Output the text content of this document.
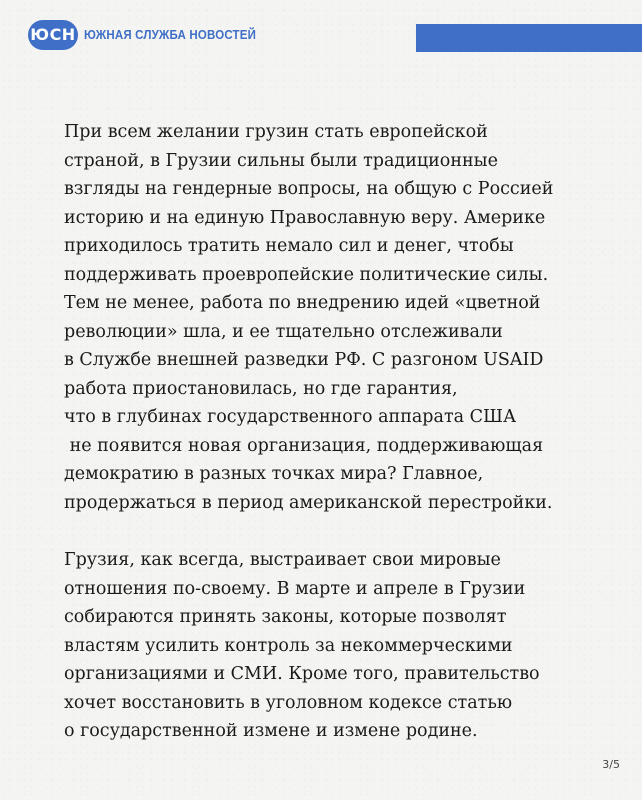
ЮСН ЮЖНАЯ СЛУЖБА НОВОСТЕЙ

При всем желании грузин стать европейской
страной, в Грузии сильны были традиционные
взгляды на гендерные вопросы, на общую с Россией
историю и на единую Православную веру. Америке
приходилось тратить немало сил и денег, чтобы
поддерживать проевропейские политические силы.
Тем не менее, работа по внедрению идей «цветной
революции» шла, и ее тщательно отслеживали
в Службе внешней разведки РФ. С разгоном USAID
работа приостановилась, но где гарантия,
что в глубинах государственного аппарата США
не появится новая организация, поддерживающая
демократию в разных точках мира? Главное,
продержаться в период американской перестройки.

Грузия, как всегда, выстраивает свои мировые
отношения по-своему. В марте и апреле в Грузии
собираются принять законы, которые позволят
властям усилить контроль за некоммерческими
организациями и СМИ. Кроме того, правительство
хочет восстановить в уголовном кодексе статью
о государственной измене и измене родине.

3/5
